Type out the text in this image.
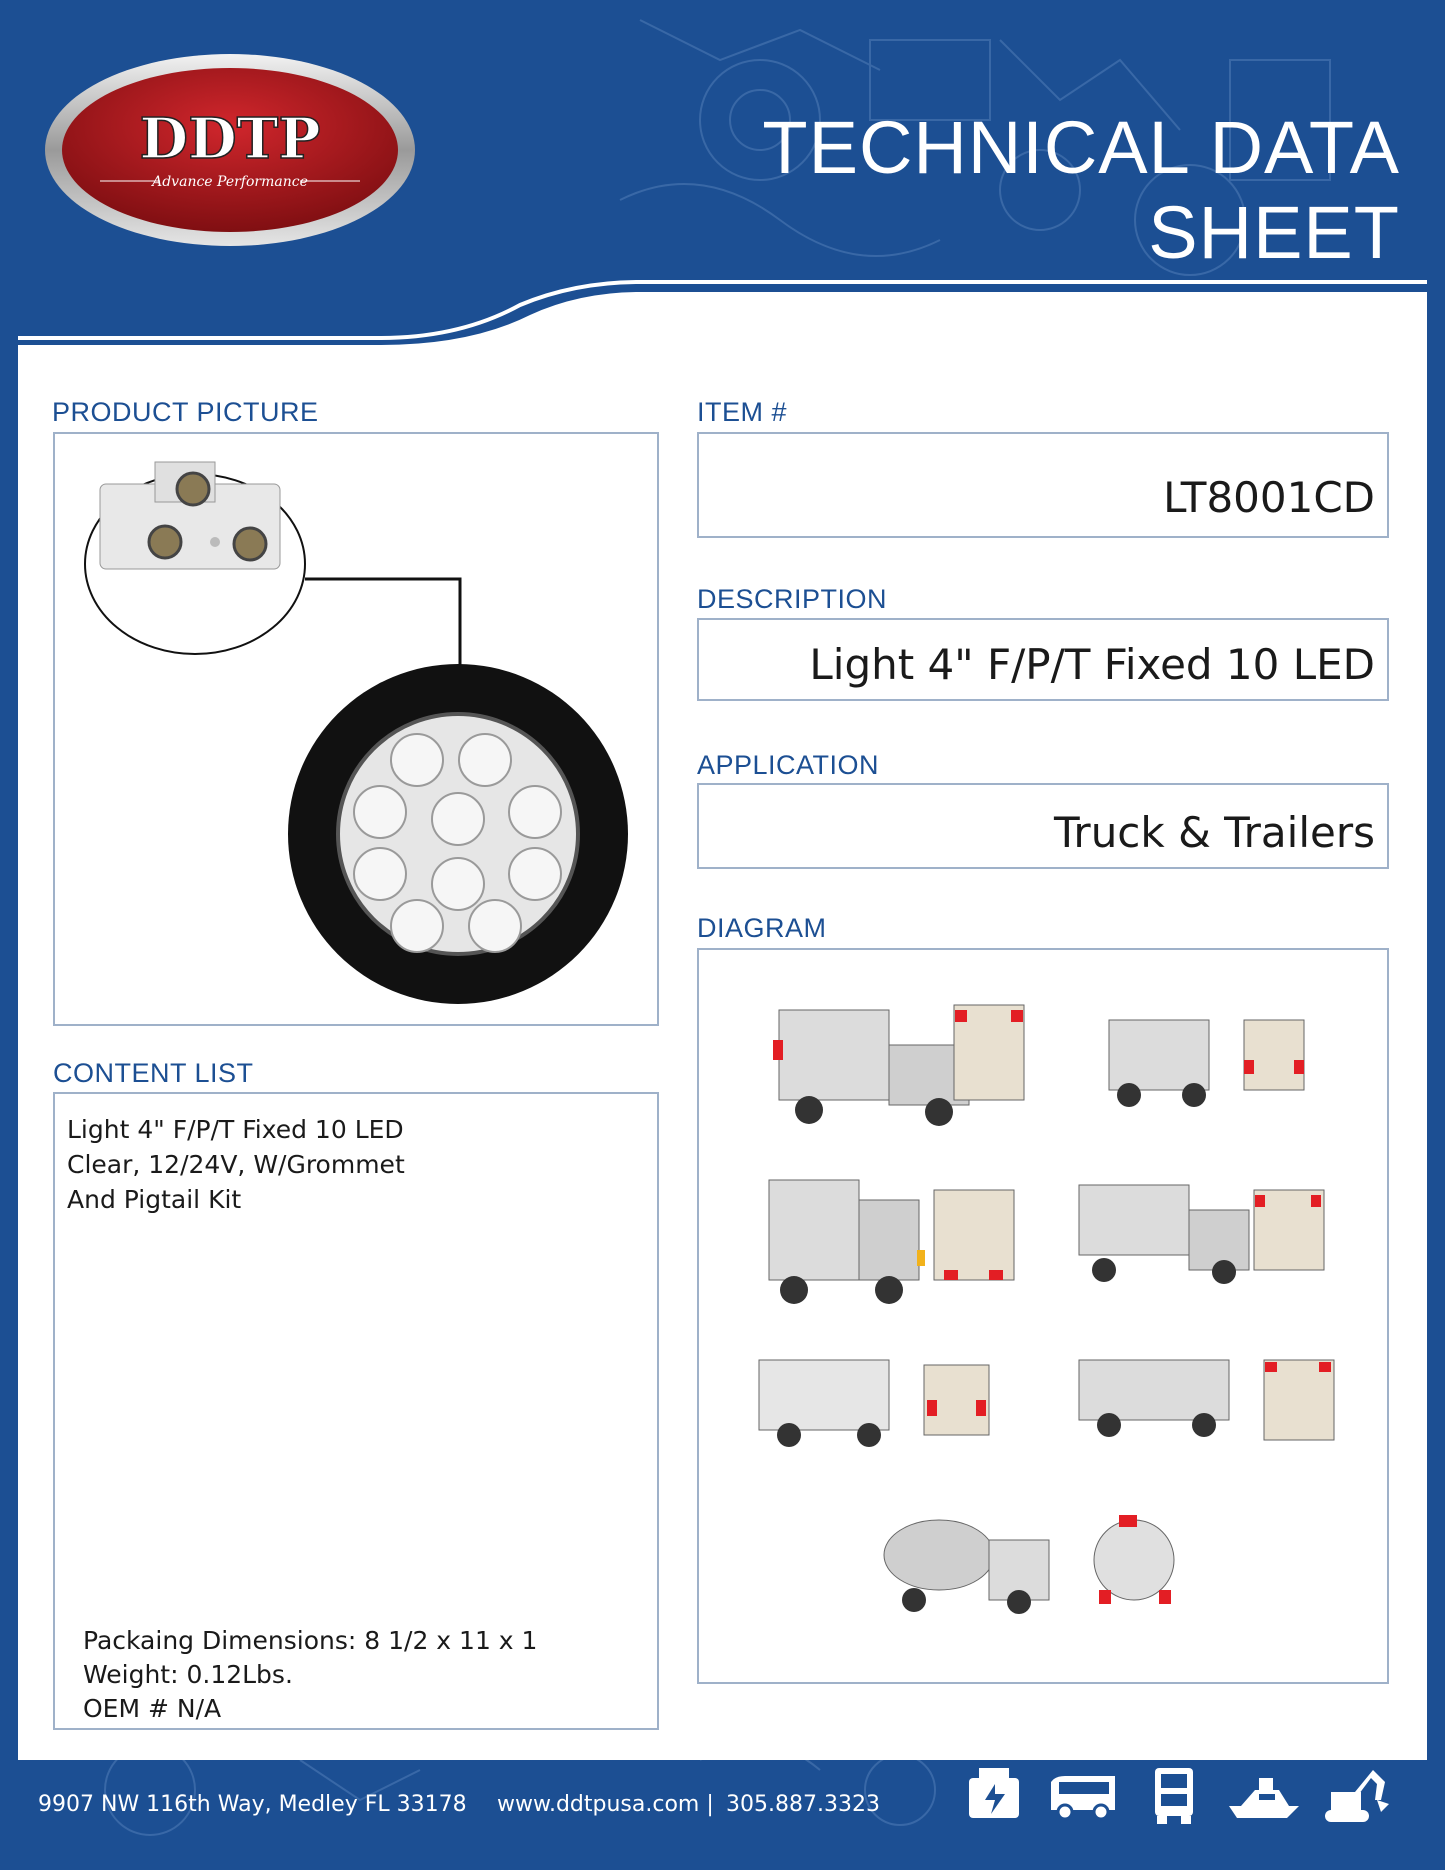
DDTP
Advance Performance	TECHNICAL DATA SHEET
PRODUCT PICTURE	ITEM #
LT8001CD
DESCRIPTION
Light 4" F/P/T Fixed 10 LED
APPLICATION
Truck & Trailers
DIAGRAM
CONTENT LIST
Light 4" F/P/T Fixed 10 LED
Clear, 12/24V, W/Grommet
And Pigtail Kit
Packaing Dimensions: 8 1/2 x 11 x 1
Weight: 0.12Lbs.
OEM # N/A
9907 NW 116th Way, Medley FL 33178 www.ddtpusa.com | 305.887.3323
